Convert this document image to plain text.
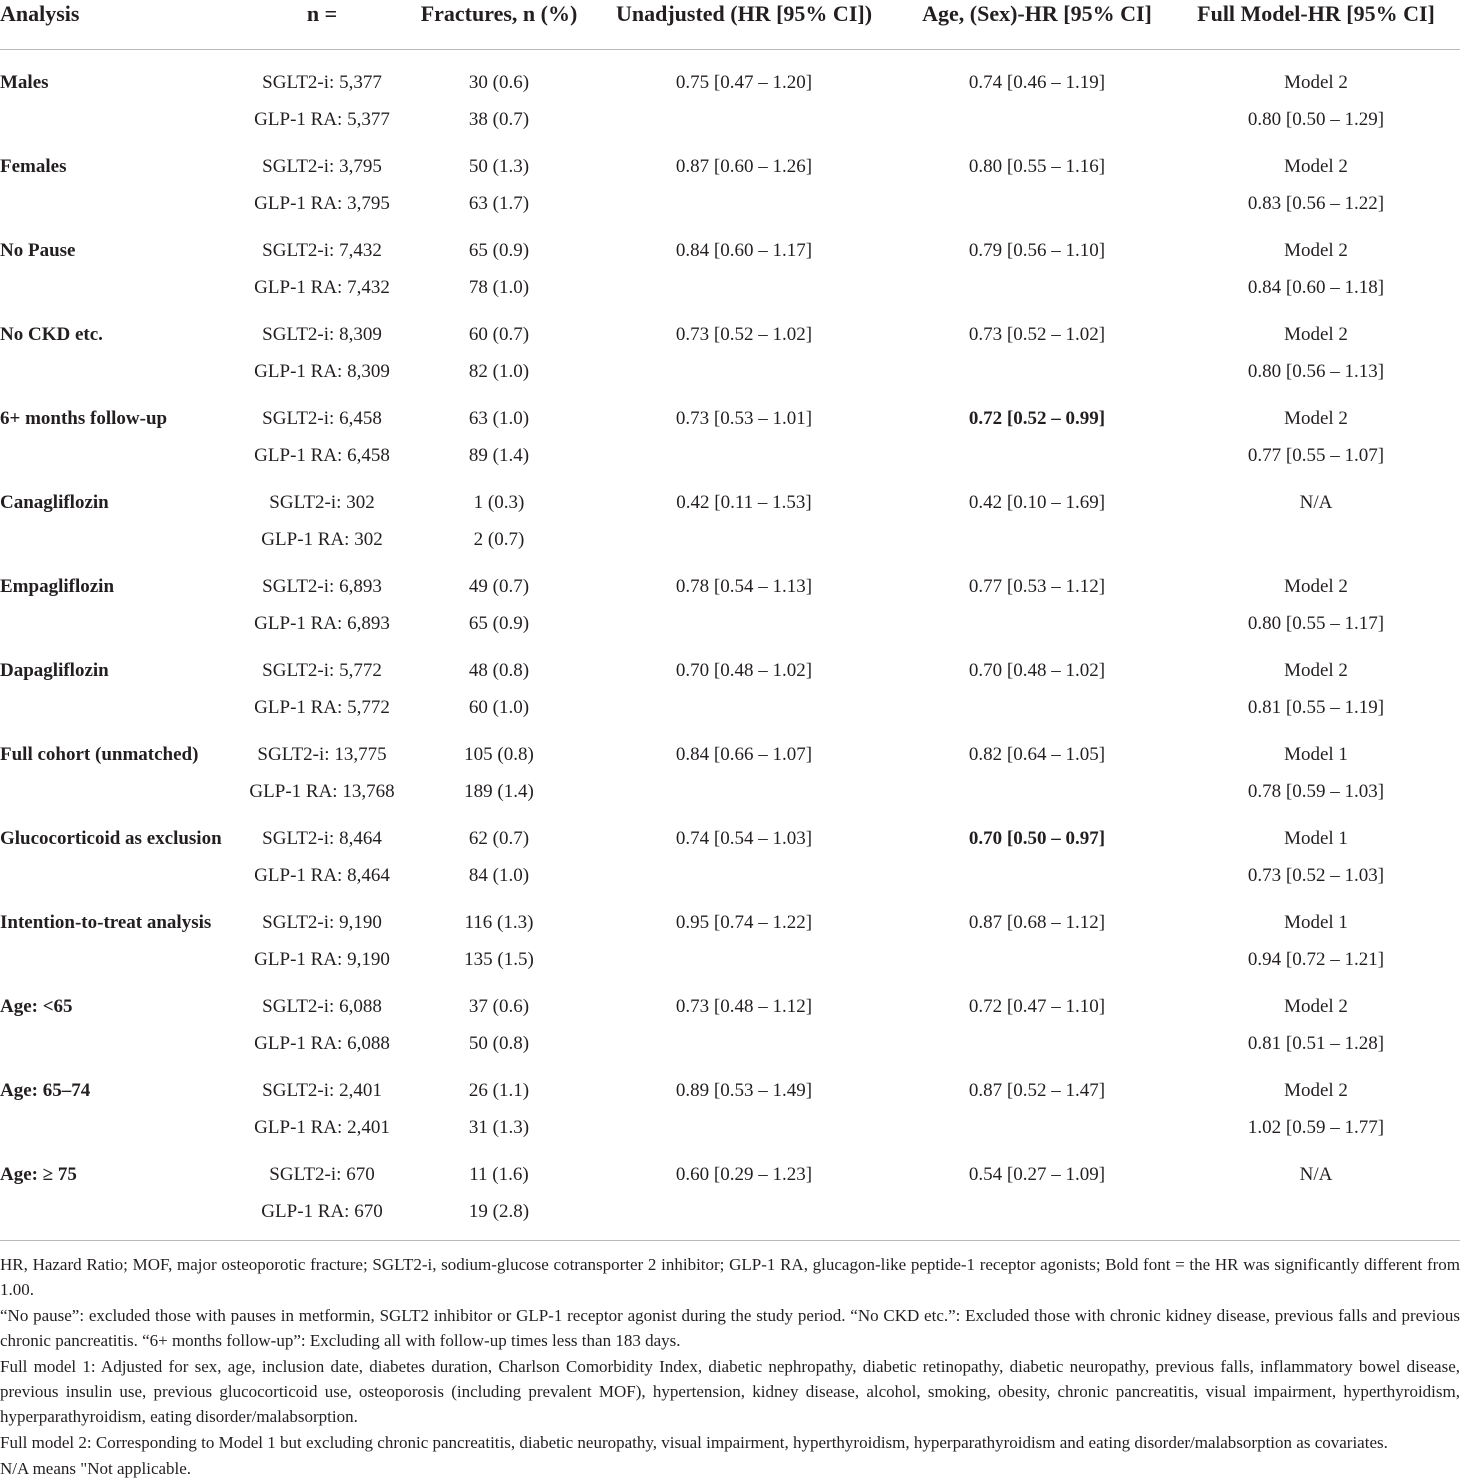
Analysis	n =	Fractures, n (%)	Unadjusted (HR [95% CI])	Age, (Sex)-HR [95% CI]	Full Model-HR [95% CI]
Males	SGLT2-i: 5,377	30 (0.6)	0.75 [0.47 – 1.20]	0.74 [0.46 – 1.19]	Model 2
	GLP-1 RA: 5,377	38 (0.7)			0.80 [0.50 – 1.29]
Females	SGLT2-i: 3,795	50 (1.3)	0.87 [0.60 – 1.26]	0.80 [0.55 – 1.16]	Model 2
	GLP-1 RA: 3,795	63 (1.7)			0.83 [0.56 – 1.22]
No Pause	SGLT2-i: 7,432	65 (0.9)	0.84 [0.60 – 1.17]	0.79 [0.56 – 1.10]	Model 2
	GLP-1 RA: 7,432	78 (1.0)			0.84 [0.60 – 1.18]
No CKD etc.	SGLT2-i: 8,309	60 (0.7)	0.73 [0.52 – 1.02]	0.73 [0.52 – 1.02]	Model 2
	GLP-1 RA: 8,309	82 (1.0)			0.80 [0.56 – 1.13]
6+ months follow-up	SGLT2-i: 6,458	63 (1.0)	0.73 [0.53 – 1.01]	0.72 [0.52 – 0.99]	Model 2
	GLP-1 RA: 6,458	89 (1.4)			0.77 [0.55 – 1.07]
Canagliflozin	SGLT2-i: 302	1 (0.3)	0.42 [0.11 – 1.53]	0.42 [0.10 – 1.69]	N/A
	GLP-1 RA: 302	2 (0.7)			
Empagliflozin	SGLT2-i: 6,893	49 (0.7)	0.78 [0.54 – 1.13]	0.77 [0.53 – 1.12]	Model 2
	GLP-1 RA: 6,893	65 (0.9)			0.80 [0.55 – 1.17]
Dapagliflozin	SGLT2-i: 5,772	48 (0.8)	0.70 [0.48 – 1.02]	0.70 [0.48 – 1.02]	Model 2
	GLP-1 RA: 5,772	60 (1.0)			0.81 [0.55 – 1.19]
Full cohort (unmatched)	SGLT2-i: 13,775	105 (0.8)	0.84 [0.66 – 1.07]	0.82 [0.64 – 1.05]	Model 1
	GLP-1 RA: 13,768	189 (1.4)			0.78 [0.59 – 1.03]
Glucocorticoid as exclusion	SGLT2-i: 8,464	62 (0.7)	0.74 [0.54 – 1.03]	0.70 [0.50 – 0.97]	Model 1
	GLP-1 RA: 8,464	84 (1.0)			0.73 [0.52 – 1.03]
Intention-to-treat analysis	SGLT2-i: 9,190	116 (1.3)	0.95 [0.74 – 1.22]	0.87 [0.68 – 1.12]	Model 1
	GLP-1 RA: 9,190	135 (1.5)			0.94 [0.72 – 1.21]
Age: <65	SGLT2-i: 6,088	37 (0.6)	0.73 [0.48 – 1.12]	0.72 [0.47 – 1.10]	Model 2
	GLP-1 RA: 6,088	50 (0.8)			0.81 [0.51 – 1.28]
Age: 65–74	SGLT2-i: 2,401	26 (1.1)	0.89 [0.53 – 1.49]	0.87 [0.52 – 1.47]	Model 2
	GLP-1 RA: 2,401	31 (1.3)			1.02 [0.59 – 1.77]
Age: ≥ 75	SGLT2-i: 670	11 (1.6)	0.60 [0.29 – 1.23]	0.54 [0.27 – 1.09]	N/A
	GLP-1 RA: 670	19 (2.8)			

HR, Hazard Ratio; MOF, major osteoporotic fracture; SGLT2-i, sodium-glucose cotransporter 2 inhibitor; GLP-1 RA, glucagon-like peptide-1 receptor agonists; Bold font = the HR was significantly different from 1.00.

“No pause”: excluded those with pauses in metformin, SGLT2 inhibitor or GLP-1 receptor agonist during the study period. “No CKD etc.”: Excluded those with chronic kidney disease, previous falls and previous chronic pancreatitis. “6+ months follow-up”: Excluding all with follow-up times less than 183 days.

Full model 1: Adjusted for sex, age, inclusion date, diabetes duration, Charlson Comorbidity Index, diabetic nephropathy, diabetic retinopathy, diabetic neuropathy, previous falls, inflammatory bowel disease, previous insulin use, previous glucocorticoid use, osteoporosis (including prevalent MOF), hypertension, kidney disease, alcohol, smoking, obesity, chronic pancreatitis, visual impairment, hyperthyroidism, hyperparathyroidism, eating disorder/malabsorption.

Full model 2: Corresponding to Model 1 but excluding chronic pancreatitis, diabetic neuropathy, visual impairment, hyperthyroidism, hyperparathyroidism and eating disorder/malabsorption as covariates.

N/A means "Not applicable.
